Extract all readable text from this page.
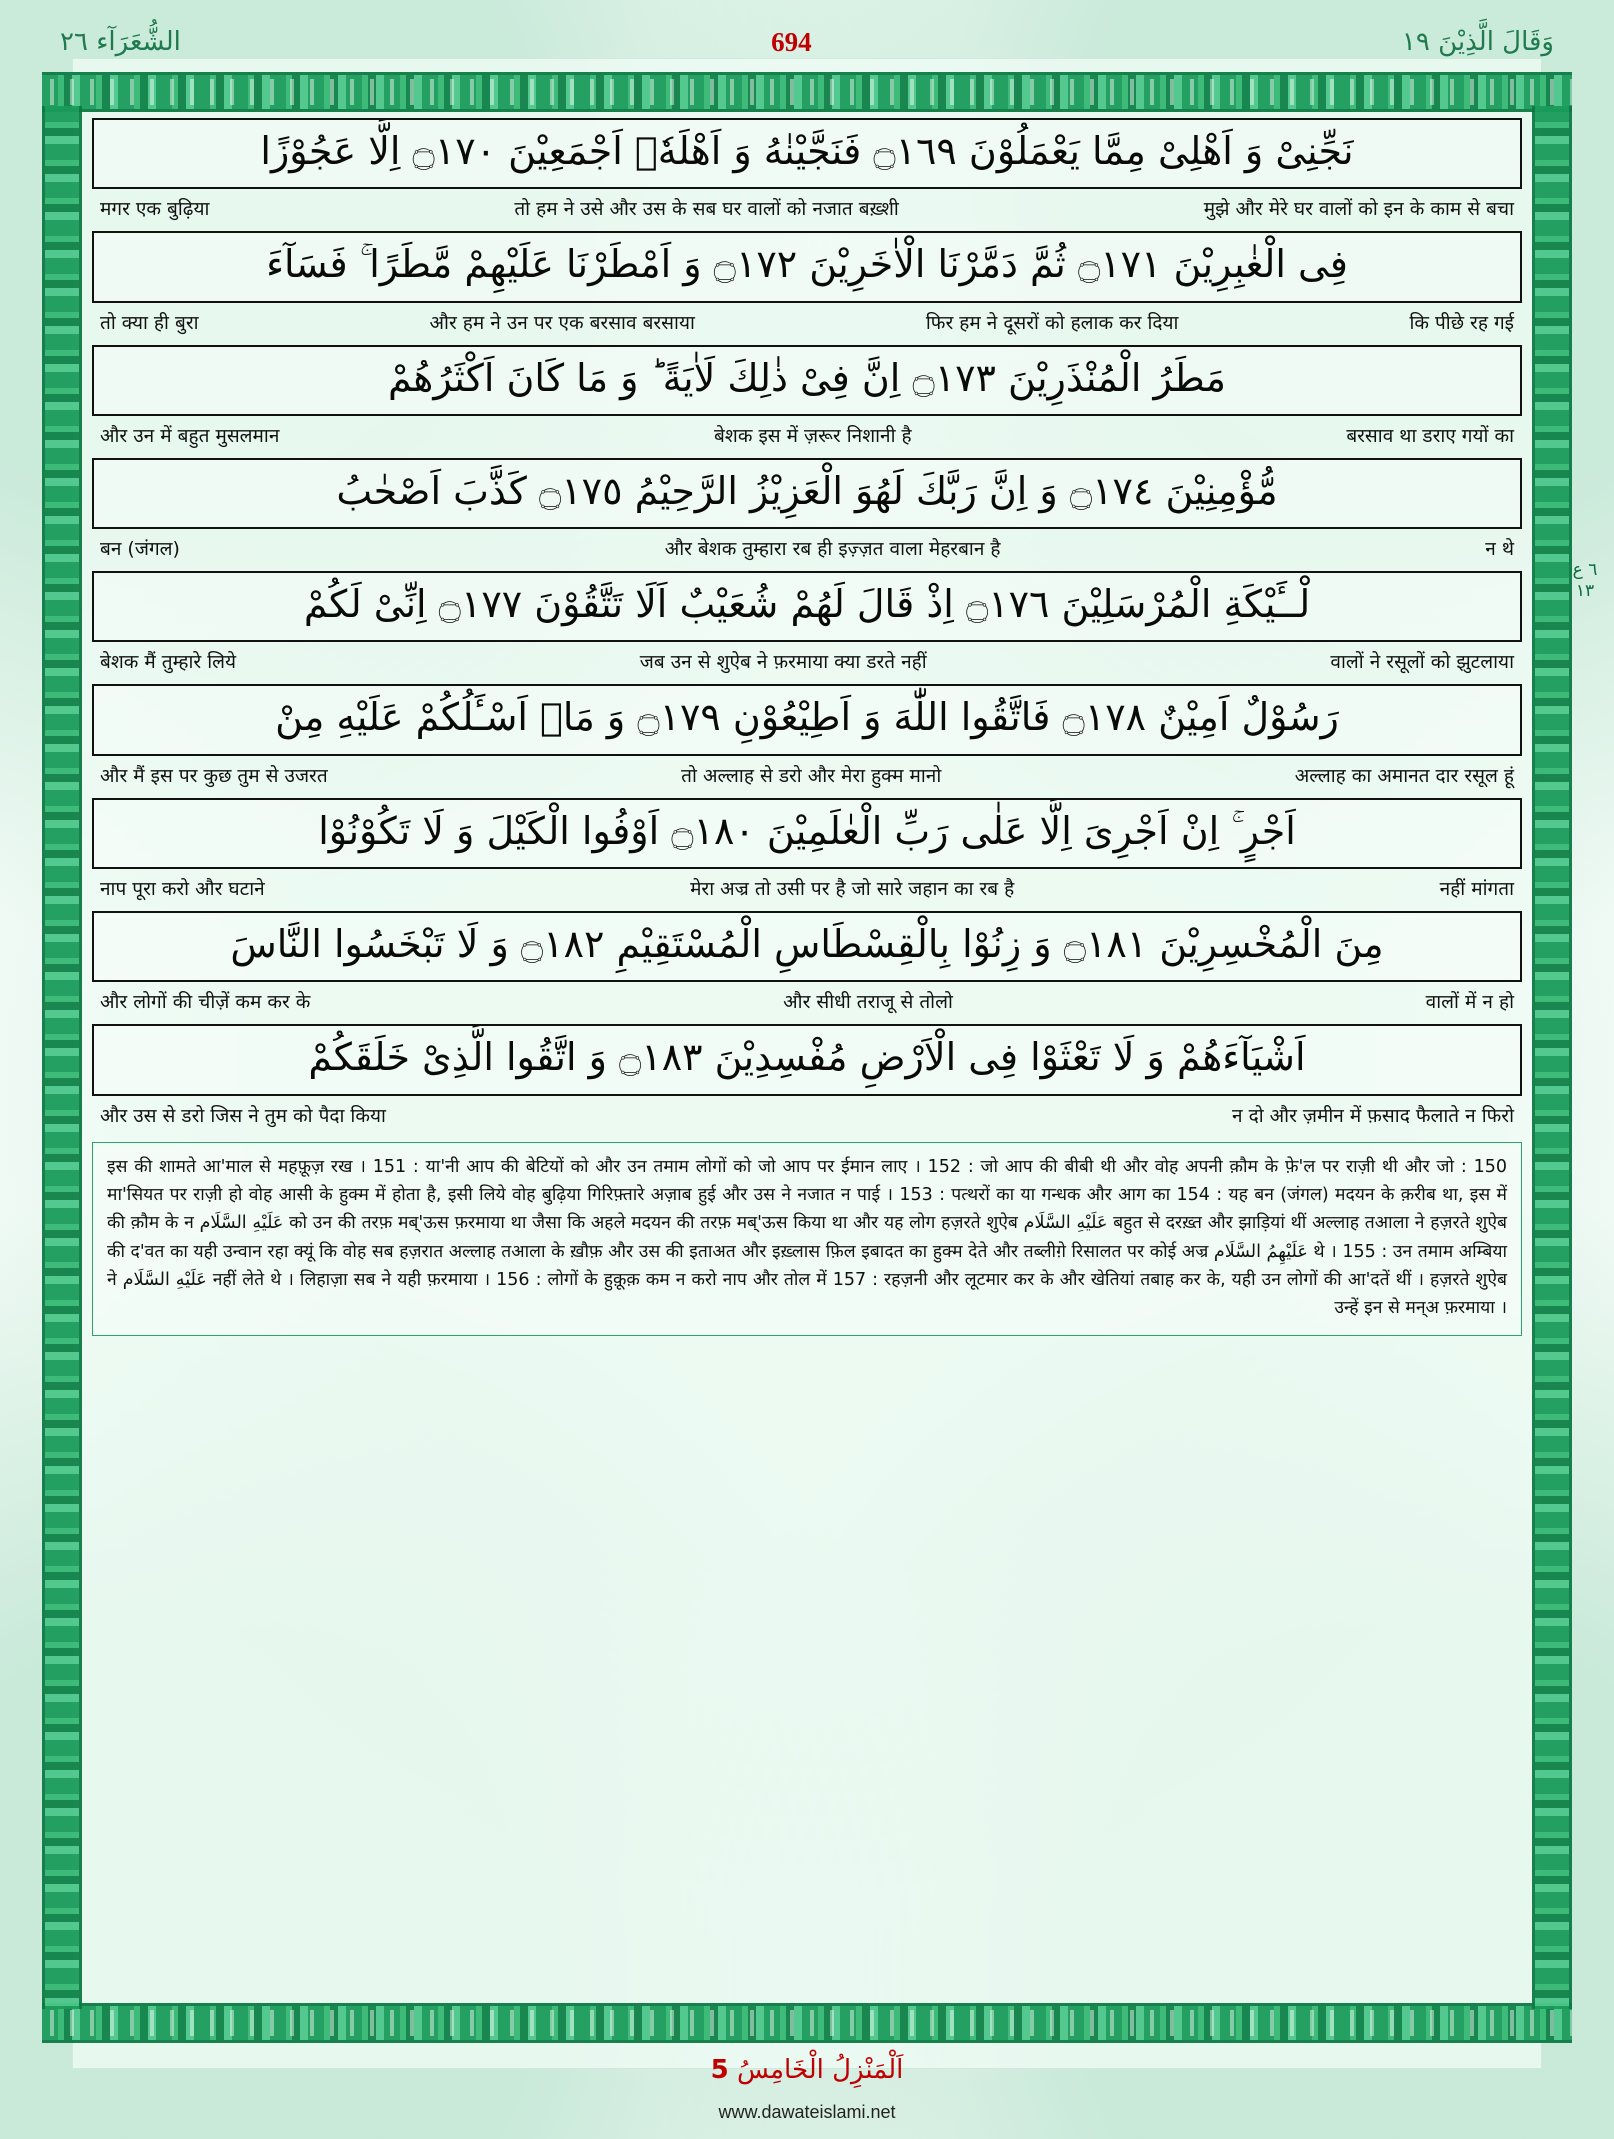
الشُّعَرَآء ٢٦	694	وَقَالَ الَّذِيْنَ ١٩
٦ ع ١٣
نَجِّنِیْ وَ اَهْلِیْ مِمَّا یَعْمَلُوْنَ ۝١٦٩ فَنَجَّیْنٰهُ وَ اَهْلَهٗۤ اَجْمَعِیْنَ ۝١٧٠ اِلَّا عَجُوْزًا
मुझे और मेरे घर वालों को इन के काम से बचा
तो हम ने उसे और उस के सब घर वालों को नजात बख़्शी
मगर एक बुढ़िया
فِی الْغٰبِرِیْنَ ۝١٧١ ثُمَّ دَمَّرْنَا الْاٰخَرِیْنَ ۝١٧٢ وَ اَمْطَرْنَا عَلَیْهِمْ مَّطَرًا ۚ فَسَآءَ
कि पीछे रह गई
फिर हम ने दूसरों को हलाक कर दिया
और हम ने उन पर एक बरसाव बरसाया
तो क्या ही बुरा
مَطَرُ الْمُنْذَرِیْنَ ۝١٧٣ اِنَّ فِیْ ذٰلِكَ لَاٰیَةً ؕ وَ مَا كَانَ اَكْثَرُهُمْ
बरसाव था डराए गयों का
बेशक इस में ज़रूर निशानी है
और उन में बहुत मुसलमान
مُّؤْمِنِیْنَ ۝١٧٤ وَ اِنَّ رَبَّكَ لَهُوَ الْعَزِیْزُ الرَّحِیْمُ ۝١٧٥ كَذَّبَ اَصْحٰبُ
न थे
और बेशक तुम्हारा रब ही इज़्ज़त वाला मेहरबान है
बन (जंगल)
لْــَٔیْكَةِ الْمُرْسَلِیْنَ ۝١٧٦ اِذْ قَالَ لَهُمْ شُعَیْبٌ اَلَا تَتَّقُوْنَ ۝١٧٧ اِنِّیْ لَكُمْ
वालों ने रसूलों को झुटलाया
जब उन से शुऐब ने फ़रमाया क्या डरते नहीं
बेशक मैं तुम्हारे लिये
رَسُوْلٌ اَمِیْنٌ ۝١٧٨ فَاتَّقُوا اللّٰهَ وَ اَطِیْعُوْنِ ۝١٧٩ وَ مَاۤ اَسْـَٔلُكُمْ عَلَیْهِ مِنْ
अल्लाह का अमानत दार रसूल हूं
तो अल्लाह से डरो और मेरा हुक्म मानो
और मैं इस पर कुछ तुम से उजरत
اَجْرٍ ۚ اِنْ اَجْرِیَ اِلَّا عَلٰی رَبِّ الْعٰلَمِیْنَ ۝١٨٠ اَوْفُوا الْكَیْلَ وَ لَا تَكُوْنُوْا
नहीं मांगता
मेरा अज्र तो उसी पर है जो सारे जहान का रब है
नाप पूरा करो और घटाने
مِنَ الْمُخْسِرِیْنَ ۝١٨١ وَ زِنُوْا بِالْقِسْطَاسِ الْمُسْتَقِیْمِ ۝١٨٢ وَ لَا تَبْخَسُوا النَّاسَ
वालों में न हो
और सीधी तराजू से तोलो
और लोगों की चीज़ें कम कर के
اَشْیَآءَهُمْ وَ لَا تَعْثَوْا فِی الْاَرْضِ مُفْسِدِیْنَ ۝١٨٣ وَ اتَّقُوا الَّذِیْ خَلَقَكُمْ
न दो और ज़मीन में फ़साद फैलाते न फिरो
और उस से डरो जिस ने तुम को पैदा किया
150 : इस की शामते आ'माल से महफ़ूज़ रख । 151 : या'नी आप की बेटियों को और उन तमाम लोगों को जो आप पर ईमान लाए । 152 : जो आप की बीबी थी और वोह अपनी क़ौम के फ़े'ल पर राज़ी थी और जो मा'सियत पर राज़ी हो वोह आसी के हुक्म में होता है, इसी लिये वोह बुढ़िया गिरिफ़्तारे अज़ाब हुई और उस ने नजात न पाई । 153 : पत्थरों का या गन्धक और आग का 154 : यह बन (जंगल) मदयन के क़रीब था, इस में बहुत से दरख़्त और झाड़ियां थीं अल्लाह तआला ने हज़रते शुऐब عَلَيْهِ السَّلَام को उन की तरफ़ मब्'ऊस फ़रमाया था जैसा कि अहले मदयन की तरफ़ मब्'ऊस किया था और यह लोग हज़रते शुऐब عَلَيْهِ السَّلَام की क़ौम के न थे । 155 : उन तमाम अम्बिया عَلَيْهِمُ السَّلَام की द'वत का यही उन्वान रहा क्यूं कि वोह सब हज़रात अल्लाह तआला के ख़ौफ़ और उस की इताअत और इख़्लास फ़िल इबादत का हुक्म देते और तब्लीग़े रिसालत पर कोई अज्र नहीं लेते थे । लिहाज़ा सब ने यही फ़रमाया । 156 : लोगों के हुक़ूक़ कम न करो नाप और तोल में 157 : रहज़नी और लूटमार कर के और खेतियां तबाह कर के, यही उन लोगों की आ'दतें थीं । हज़रते शुऐब عَلَيْهِ السَّلَام ने उन्हें इन से मन्अ फ़रमाया ।
اَلْمَنْزِلُ الْخَامِسُ 5
www.dawateislami.net
